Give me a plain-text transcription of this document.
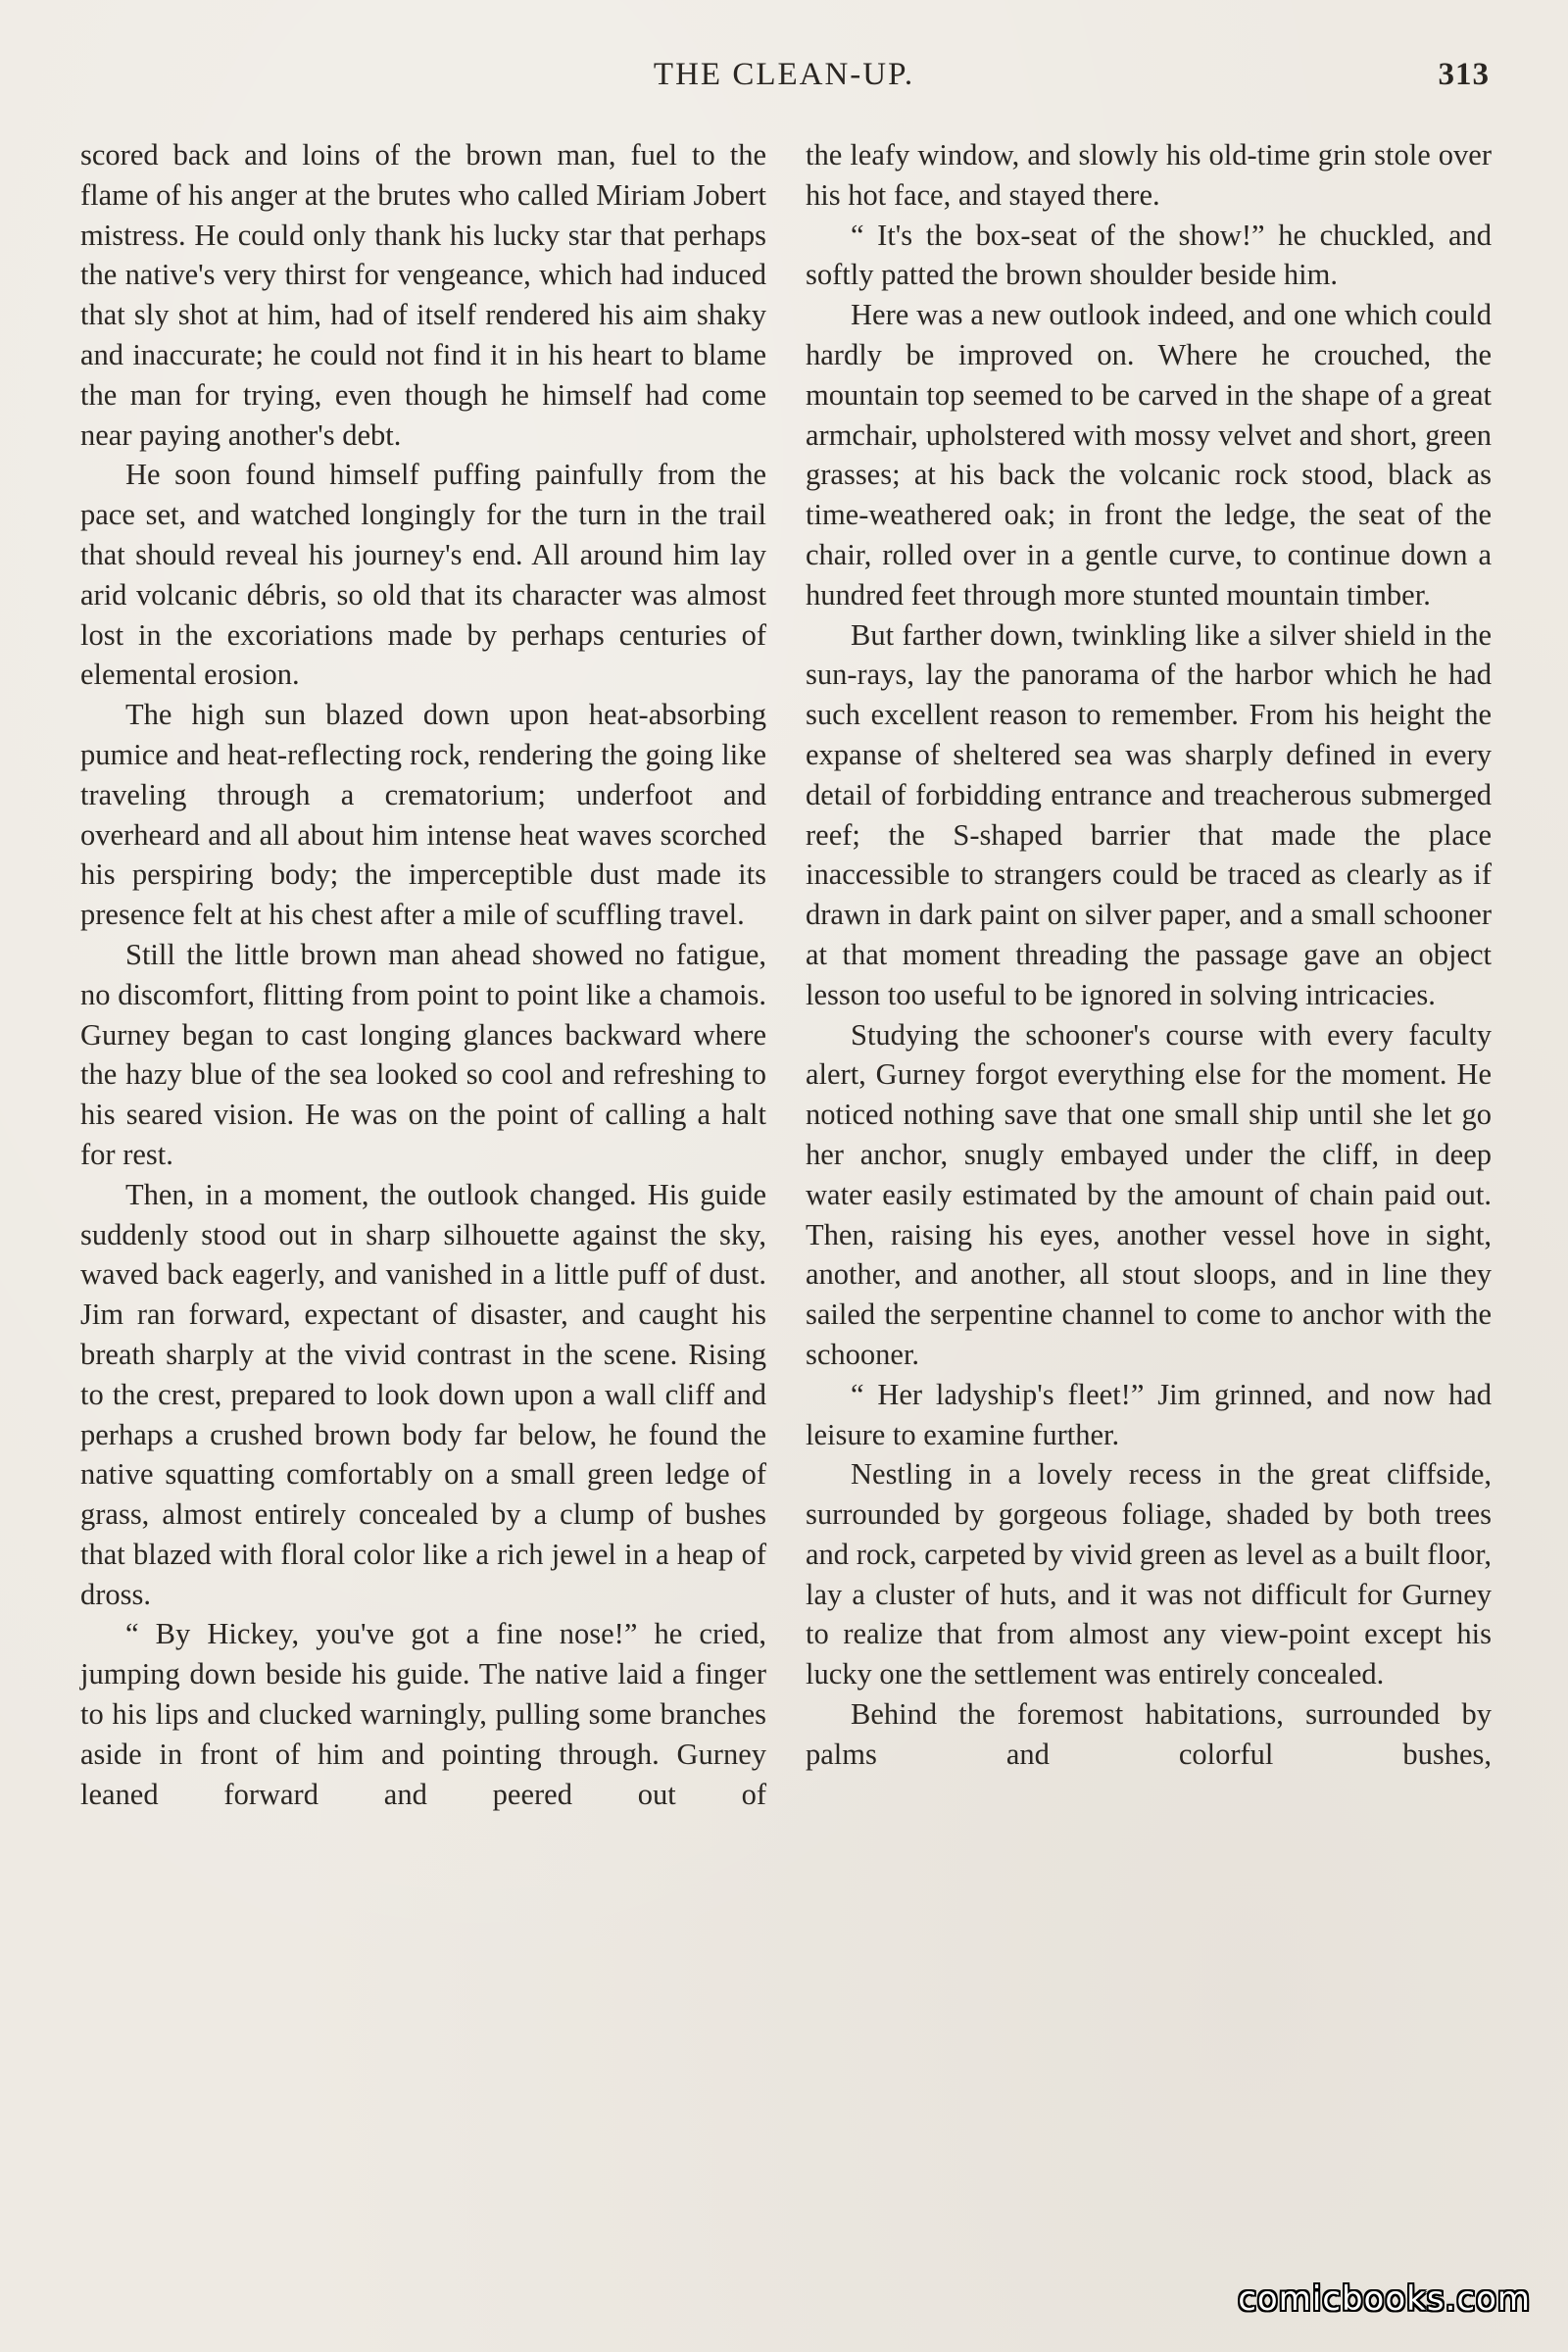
THE CLEAN-UP.	313

scored back and loins of the brown man, fuel to the flame of his anger at the brutes who called Miriam Jobert mistress. He could only thank his lucky star that perhaps the native's very thirst for vengeance, which had induced that sly shot at him, had of itself rendered his aim shaky and inaccurate; he could not find it in his heart to blame the man for trying, even though he himself had come near paying another's debt.

He soon found himself puffing painfully from the pace set, and watched longingly for the turn in the trail that should reveal his journey's end. All around him lay arid volcanic débris, so old that its character was almost lost in the excoriations made by perhaps centuries of elemental erosion.

The high sun blazed down upon heat-absorbing pumice and heat-reflecting rock, rendering the going like traveling through a crematorium; underfoot and overheard and all about him intense heat waves scorched his perspiring body; the imperceptible dust made its presence felt at his chest after a mile of scuffling travel.

Still the little brown man ahead showed no fatigue, no discomfort, flitting from point to point like a chamois. Gurney began to cast longing glances backward where the hazy blue of the sea looked so cool and refreshing to his seared vision. He was on the point of calling a halt for rest.

Then, in a moment, the outlook changed. His guide suddenly stood out in sharp silhouette against the sky, waved back eagerly, and vanished in a little puff of dust. Jim ran forward, expectant of disaster, and caught his breath sharply at the vivid contrast in the scene. Rising to the crest, prepared to look down upon a wall cliff and perhaps a crushed brown body far below, he found the native squatting comfortably on a small green ledge of grass, almost entirely concealed by a clump of bushes that blazed with floral color like a rich jewel in a heap of dross.

“ By Hickey, you've got a fine nose!” he cried, jumping down beside his guide. The native laid a finger to his lips and clucked warningly, pulling some branches aside in front of him and pointing through. Gurney leaned forward and peered out of

the leafy window, and slowly his old-time grin stole over his hot face, and stayed there.

“ It's the box-seat of the show!” he chuckled, and softly patted the brown shoulder beside him.

Here was a new outlook indeed, and one which could hardly be improved on. Where he crouched, the mountain top seemed to be carved in the shape of a great armchair, upholstered with mossy velvet and short, green grasses; at his back the volcanic rock stood, black as time-weathered oak; in front the ledge, the seat of the chair, rolled over in a gentle curve, to continue down a hundred feet through more stunted mountain timber.

But farther down, twinkling like a silver shield in the sun-rays, lay the panorama of the harbor which he had such excellent reason to remember. From his height the expanse of sheltered sea was sharply defined in every detail of forbidding entrance and treacherous submerged reef; the S-shaped barrier that made the place inaccessible to strangers could be traced as clearly as if drawn in dark paint on silver paper, and a small schooner at that moment threading the passage gave an object lesson too useful to be ignored in solving intricacies.

Studying the schooner's course with every faculty alert, Gurney forgot everything else for the moment. He noticed nothing save that one small ship until she let go her anchor, snugly embayed under the cliff, in deep water easily estimated by the amount of chain paid out. Then, raising his eyes, another vessel hove in sight, another, and another, all stout sloops, and in line they sailed the serpentine channel to come to anchor with the schooner.

“ Her ladyship's fleet!” Jim grinned, and now had leisure to examine further.

Nestling in a lovely recess in the great cliffside, surrounded by gorgeous foliage, shaded by both trees and rock, carpeted by vivid green as level as a built floor, lay a cluster of huts, and it was not difficult for Gurney to realize that from almost any view-point except his lucky one the settlement was entirely concealed.

Behind the foremost habitations, surrounded by palms and colorful bushes,

comicbooks.com
